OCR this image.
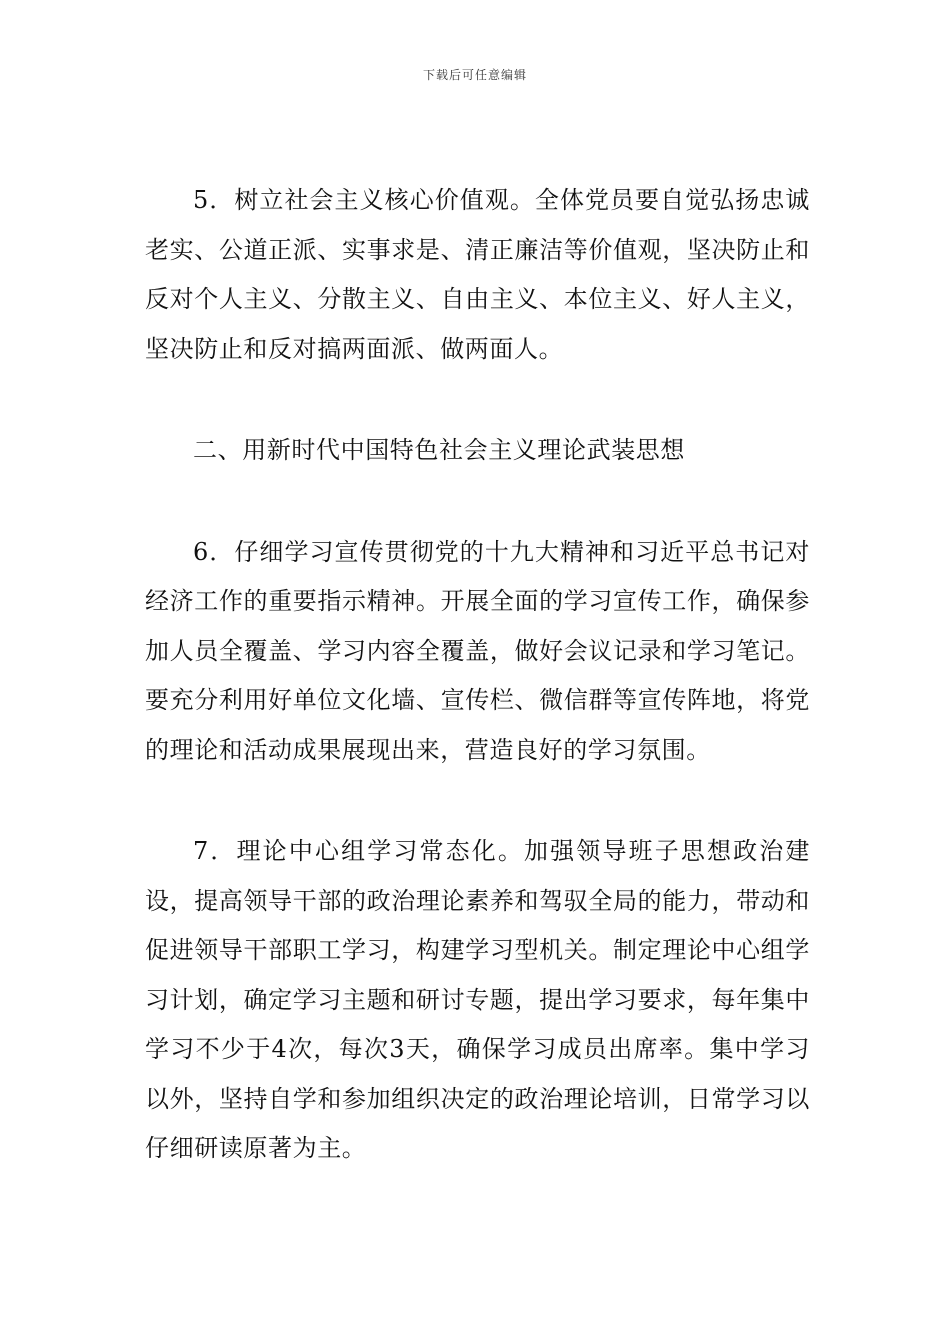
下载后可任意编辑

5．树立社会主义核心价值观。全体党员要自觉弘扬忠诚老实、公道正派、实事求是、清正廉洁等价值观，坚决防止和反对个人主义、分散主义、自由主义、本位主义、好人主义，坚决防止和反对搞两面派、做两面人。

二、用新时代中国特色社会主义理论武装思想

6．仔细学习宣传贯彻党的十九大精神和习近平总书记对经济工作的重要指示精神。开展全面的学习宣传工作，确保参加人员全覆盖、学习内容全覆盖，做好会议记录和学习笔记。要充分利用好单位文化墙、宣传栏、微信群等宣传阵地，将党的理论和活动成果展现出来，营造良好的学习氛围。

7．理论中心组学习常态化。加强领导班子思想政治建设，提高领导干部的政治理论素养和驾驭全局的能力，带动和促进领导干部职工学习，构建学习型机关。制定理论中心组学习计划，确定学习主题和研讨专题，提出学习要求，每年集中学习不少于4次，每次3天，确保学习成员出席率。集中学习以外，坚持自学和参加组织决定的政治理论培训，日常学习以仔细研读原著为主。
